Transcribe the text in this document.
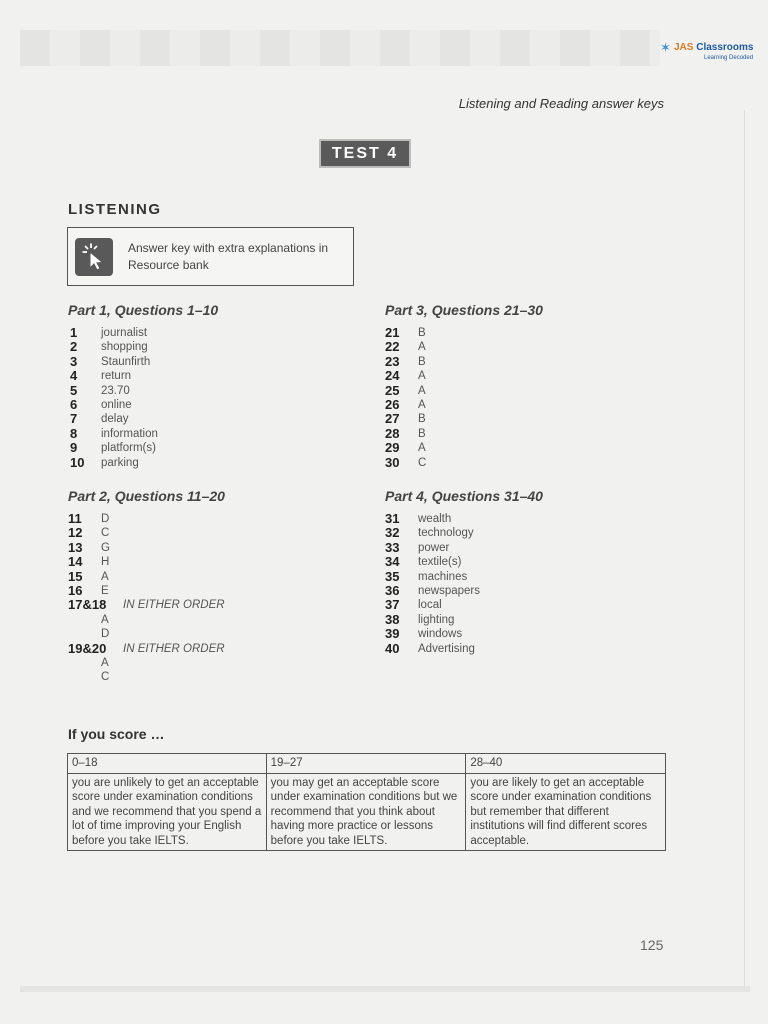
✶ JAS Classrooms
Learning Decoded
Listening and Reading answer keys
TEST 4
LISTENING
Answer key with extra explanations in Resource bank
Part 1, Questions 1–10
1 journalist
2 shopping
3 Staunfirth
4 return
5 23.70
6 online
7 delay
8 information
9 platform(s)
10 parking
Part 2, Questions 11–20
11 D
12 C
13 G
14 H
15 A
16 E
17&18 IN EITHER ORDER
A
D
19&20 IN EITHER ORDER
A
C
Part 3, Questions 21–30
21 B
22 A
23 B
24 A
25 A
26 A
27 B
28 B
29 A
30 C
Part 4, Questions 31–40
31 wealth
32 technology
33 power
34 textile(s)
35 machines
36 newspapers
37 local
38 lighting
39 windows
40 Advertising
If you score …
0–18	19–27	28–40
you are unlikely to get an acceptable score under examination conditions and we recommend that you spend a lot of time improving your English before you take IELTS.	you may get an acceptable score under examination conditions but we recommend that you think about having more practice or lessons before you take IELTS.	you are likely to get an acceptable score under examination conditions but remember that different institutions will find different scores acceptable.
125
